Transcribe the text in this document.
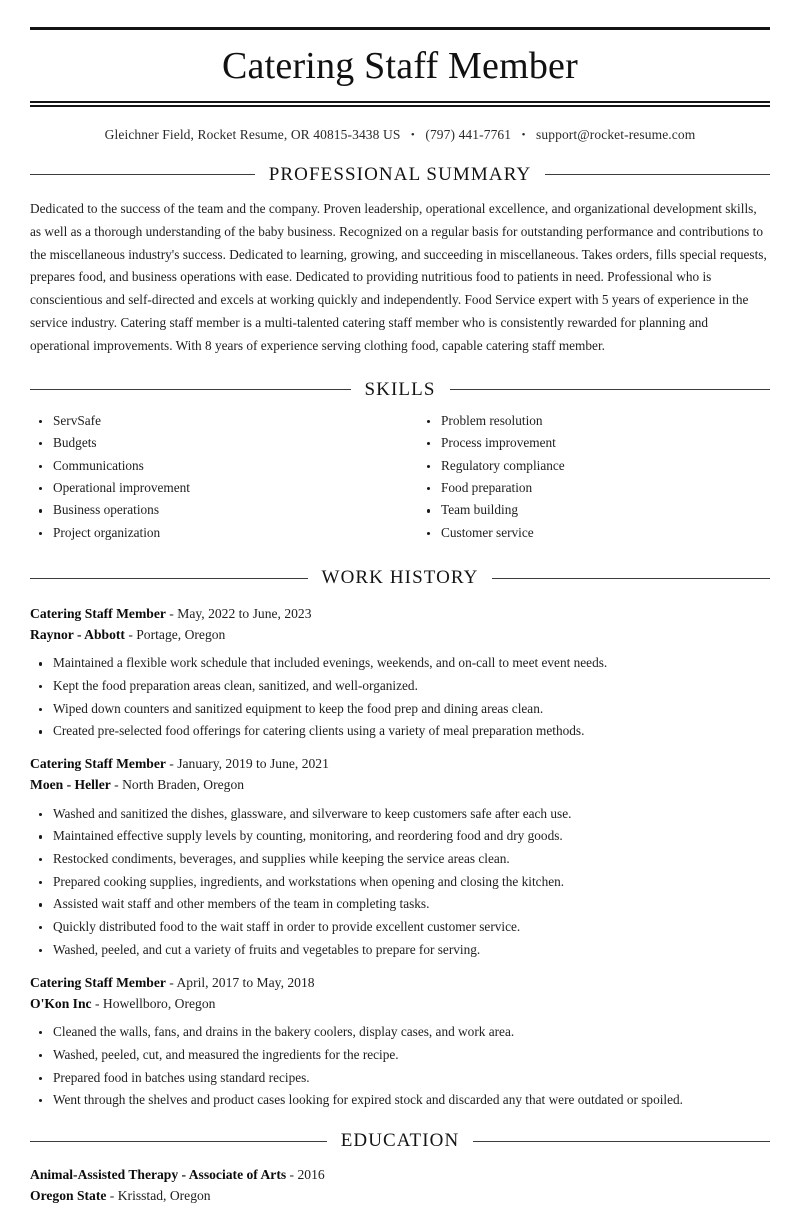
Catering Staff Member
Gleichner Field, Rocket Resume, OR 40815-3438 US • (797) 441-7761 • support@rocket-resume.com
PROFESSIONAL SUMMARY

Dedicated to the success of the team and the company. Proven leadership, operational excellence, and organizational development skills, as well as a thorough understanding of the baby business. Recognized on a regular basis for outstanding performance and contributions to the miscellaneous industry's success. Dedicated to learning, growing, and succeeding in miscellaneous. Takes orders, fills special requests, prepares food, and business operations with ease. Dedicated to providing nutritious food to patients in need. Professional who is conscientious and self-directed and excels at working quickly and independently. Food Service expert with 5 years of experience in the service industry. Catering staff member is a multi-talented catering staff member who is consistently rewarded for planning and operational improvements. With 8 years of experience serving clothing food, capable catering staff member.

SKILLS
ServSafe
Budgets
Communications
Operational improvement
Business operations
Project organization
Problem resolution
Process improvement
Regulatory compliance
Food preparation
Team building
Customer service
WORK HISTORY
Catering Staff Member - May, 2022 to June, 2023
Raynor - Abbott - Portage, Oregon
Maintained a flexible work schedule that included evenings, weekends, and on-call to meet event needs.
Kept the food preparation areas clean, sanitized, and well-organized.
Wiped down counters and sanitized equipment to keep the food prep and dining areas clean.
Created pre-selected food offerings for catering clients using a variety of meal preparation methods.
Catering Staff Member - January, 2019 to June, 2021
Moen - Heller - North Braden, Oregon
Washed and sanitized the dishes, glassware, and silverware to keep customers safe after each use.
Maintained effective supply levels by counting, monitoring, and reordering food and dry goods.
Restocked condiments, beverages, and supplies while keeping the service areas clean.
Prepared cooking supplies, ingredients, and workstations when opening and closing the kitchen.
Assisted wait staff and other members of the team in completing tasks.
Quickly distributed food to the wait staff in order to provide excellent customer service.
Washed, peeled, and cut a variety of fruits and vegetables to prepare for serving.
Catering Staff Member - April, 2017 to May, 2018
O'Kon Inc - Howellboro, Oregon
Cleaned the walls, fans, and drains in the bakery coolers, display cases, and work area.
Washed, peeled, cut, and measured the ingredients for the recipe.
Prepared food in batches using standard recipes.
Went through the shelves and product cases looking for expired stock and discarded any that were outdated or spoiled.
EDUCATION
Animal-Assisted Therapy - Associate of Arts - 2016
Oregon State - Krisstad, Oregon
